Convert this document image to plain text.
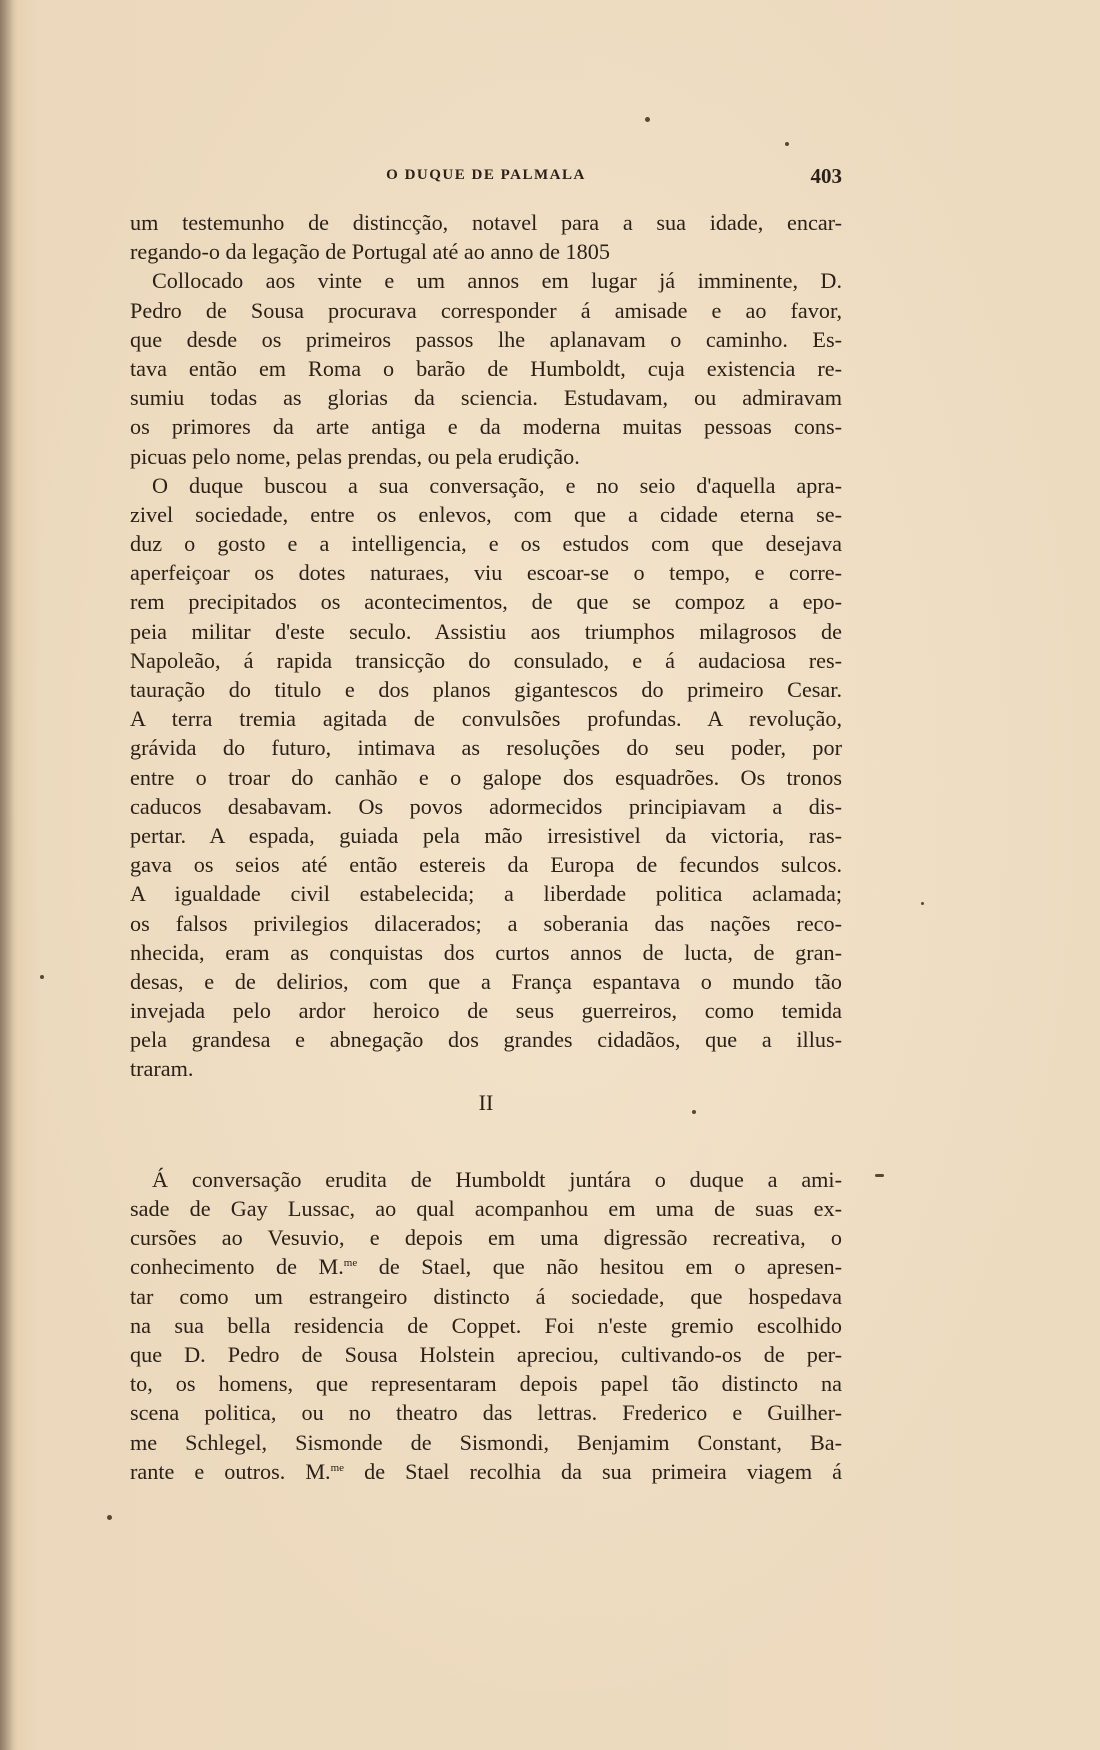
O DUQUE DE PALMALA	403
um testemunho de distincção, notavel para a sua idade, encar-
regando-o da legação de Portugal até ao anno de 1805
Collocado aos vinte e um annos em lugar já imminente, D.
Pedro de Sousa procurava corresponder á amisade e ao favor,
que desde os primeiros passos lhe aplanavam o caminho. Es-
tava então em Roma o barão de Humboldt, cuja existencia re-
sumiu todas as glorias da sciencia. Estudavam, ou admiravam
os primores da arte antiga e da moderna muitas pessoas cons-
picuas pelo nome, pelas prendas, ou pela erudição.
O duque buscou a sua conversação, e no seio d'aquella apra-
zivel sociedade, entre os enlevos, com que a cidade eterna se-
duz o gosto e a intelligencia, e os estudos com que desejava
aperfeiçoar os dotes naturaes, viu escoar-se o tempo, e corre-
rem precipitados os acontecimentos, de que se compoz a epo-
peia militar d'este seculo. Assistiu aos triumphos milagrosos de
Napoleão, á rapida transicção do consulado, e á audaciosa res-
tauração do titulo e dos planos gigantescos do primeiro Cesar.
A terra tremia agitada de convulsões profundas. A revolução,
grávida do futuro, intimava as resoluções do seu poder, por
entre o troar do canhão e o galope dos esquadrões. Os tronos
caducos desabavam. Os povos adormecidos principiavam a dis-
pertar. A espada, guiada pela mão irresistivel da victoria, ras-
gava os seios até então estereis da Europa de fecundos sulcos.
A igualdade civil estabelecida; a liberdade politica aclamada;
os falsos privilegios dilacerados; a soberania das nações reco-
nhecida, eram as conquistas dos curtos annos de lucta, de gran-
desas, e de delirios, com que a França espantava o mundo tão
invejada pelo ardor heroico de seus guerreiros, como temida
pela grandesa e abnegação dos grandes cidadãos, que a illus-
traram.
II
Á conversação erudita de Humboldt juntára o duque a ami-
sade de Gay Lussac, ao qual acompanhou em uma de suas ex-
cursões ao Vesuvio, e depois em uma digressão recreativa, o
conhecimento de M.$^{me}$ de Stael, que não hesitou em o apresen-
tar como um estrangeiro distincto á sociedade, que hospedava
na sua bella residencia de Coppet. Foi n'este gremio escolhido
que D. Pedro de Sousa Holstein apreciou, cultivando-os de per-
to, os homens, que representaram depois papel tão distincto na
scena politica, ou no theatro das lettras. Frederico e Guilher-
me Schlegel, Sismonde de Sismondi, Benjamim Constant, Ba-
rante e outros. M.$^{me}$ de Stael recolhia da sua primeira viagem á
